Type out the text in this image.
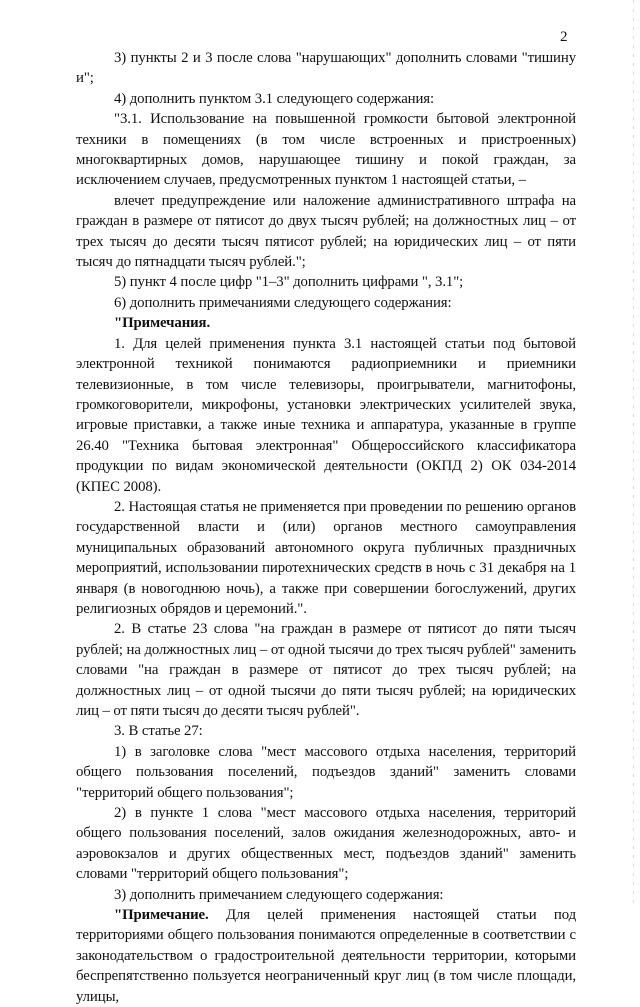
2

3) пункты 2 и 3 после слова "нарушающих" дополнить словами "тишину и";

4) дополнить пунктом 3.1 следующего содержания:

"3.1. Использование на повышенной громкости бытовой электронной техники в помещениях (в том числе встроенных и пристроенных) многоквартирных домов, нарушающее тишину и покой граждан, за исключением случаев, предусмотренных пунктом 1 настоящей статьи, –

влечет предупреждение или наложение административного штрафа на граждан в размере от пятисот до двух тысяч рублей; на должностных лиц – от трех тысяч до десяти тысяч пятисот рублей; на юридических лиц – от пяти тысяч до пятнадцати тысяч рублей.";

5) пункт 4 после цифр "1–3" дополнить цифрами ", 3.1";

6) дополнить примечаниями следующего содержания:

"Примечания.

1. Для целей применения пункта 3.1 настоящей статьи под бытовой электронной техникой понимаются радиоприемники и приемники телевизионные, в том числе телевизоры, проигрыватели, магнитофоны, громкоговорители, микрофоны, установки электрических усилителей звука, игровые приставки, а также иные техника и аппаратура, указанные в группе 26.40 "Техника бытовая электронная" Общероссийского классификатора продукции по видам экономической деятельности (ОКПД 2) ОК 034-2014 (КПЕС 2008).

2. Настоящая статья не применяется при проведении по решению органов государственной власти и (или) органов местного самоуправления муниципальных образований автономного округа публичных праздничных мероприятий, использовании пиротехнических средств в ночь с 31 декабря на 1 января (в новогоднюю ночь), а также при совершении богослужений, других религиозных обрядов и церемоний.".

2. В статье 23 слова "на граждан в размере от пятисот до пяти тысяч рублей; на должностных лиц – от одной тысячи до трех тысяч рублей" заменить словами "на граждан в размере от пятисот до трех тысяч рублей; на должностных лиц – от одной тысячи до пяти тысяч рублей; на юридических лиц – от пяти тысяч до десяти тысяч рублей".

3. В статье 27:

1) в заголовке слова "мест массового отдыха населения, территорий общего пользования поселений, подъездов зданий" заменить словами "территорий общего пользования";

2) в пункте 1 слова "мест массового отдыха населения, территорий общего пользования поселений, залов ожидания железнодорожных, авто- и аэровокзалов и других общественных мест, подъездов зданий" заменить словами "территорий общего пользования";

3) дополнить примечанием следующего содержания:

"Примечание. Для целей применения настоящей статьи под территориями общего пользования понимаются определенные в соответствии с законодательством о градостроительной деятельности территории, которыми беспрепятственно пользуется неограниченный круг лиц (в том числе площади, улицы,
